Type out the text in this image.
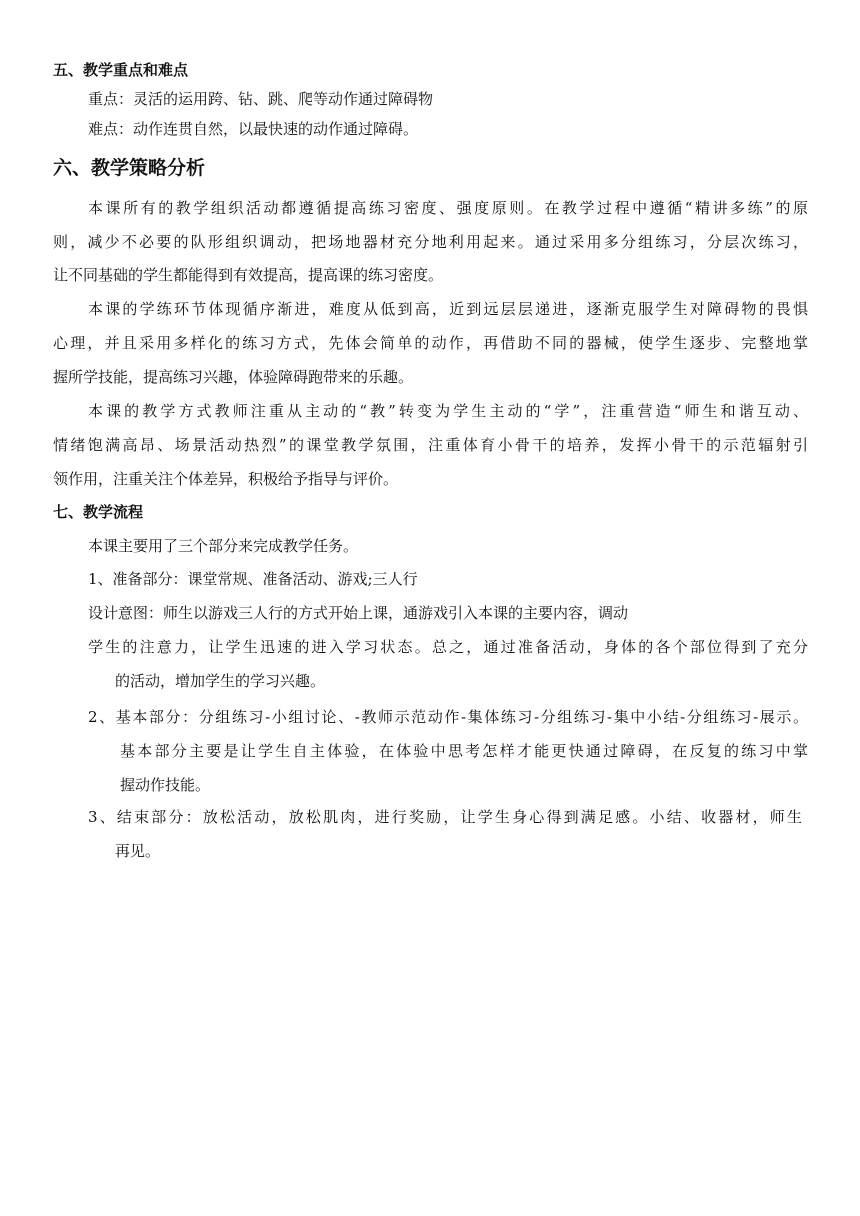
五、教学重点和难点
重点：灵活的运用跨、钻、跳、爬等动作通过障碍物
难点：动作连贯自然，以最快速的动作通过障碍。
六、教学策略分析
本课所有的教学组织活动都遵循提高练习密度、强度原则。在教学过程中遵循“精讲多练”的原
则，减少不必要的队形组织调动，把场地器材充分地利用起来。通过采用多分组练习，分层次练习，
让不同基础的学生都能得到有效提高，提高课的练习密度。
本课的学练环节体现循序渐进，难度从低到高，近到远层层递进，逐渐克服学生对障碍物的畏惧
心理，并且采用多样化的练习方式，先体会简单的动作，再借助不同的器械，使学生逐步、完整地掌
握所学技能，提高练习兴趣，体验障碍跑带来的乐趣。
本课的教学方式教师注重从主动的“教”转变为学生主动的“学”，注重营造“师生和谐互动、
情绪饱满高昂、场景活动热烈”的课堂教学氛围，注重体育小骨干的培养，发挥小骨干的示范辐射引
领作用，注重关注个体差异，积极给予指导与评价。
七、教学流程
本课主要用了三个部分来完成教学任务。
1、准备部分：课堂常规、准备活动、游戏;三人行
设计意图：师生以游戏三人行的方式开始上课，通游戏引入本课的主要内容，调动
学生的注意力，让学生迅速的进入学习状态。总之，通过准备活动，身体的各个部位得到了充分
的活动，增加学生的学习兴趣。
2、基本部分：分组练习-小组讨论、-教师示范动作-集体练习-分组练习-集中小结-分组练习-展示。
基本部分主要是让学生自主体验，在体验中思考怎样才能更快通过障碍，在反复的练习中掌
握动作技能。
3、结束部分：放松活动，放松肌肉，进行奖励，让学生身心得到满足感。小结、收器材，师生
再见。
